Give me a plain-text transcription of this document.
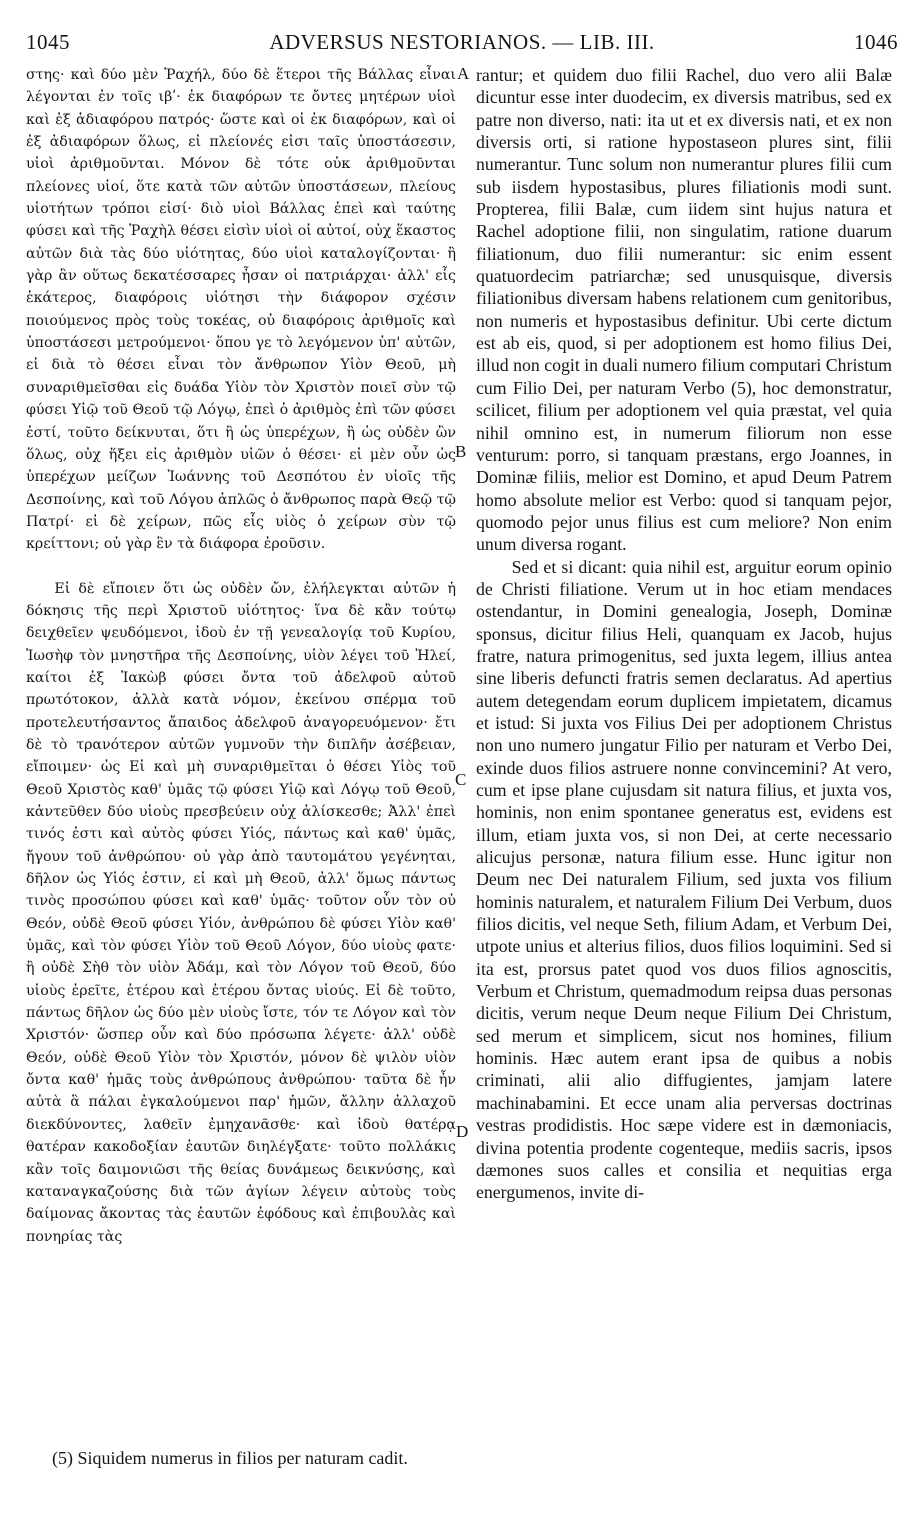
1045	ADVERSUS NESTORIANOS. — LIB. III.	1046

στης· καὶ δύο μὲν Ῥαχήλ, δύο δὲ ἕτεροι τῆς Βάλλας εἶναι λέγονται ἐν τοῖς ιβʹ· ἐκ διαφόρων τε ὄντες μητέρων υἱοὶ καὶ ἐξ ἀδιαφόρου πατρός· ὥστε καὶ οἱ ἐκ διαφόρων, καὶ οἱ ἐξ ἀδιαφόρων ὅλως, εἰ πλείονές εἰσι ταῖς ὑποστάσεσιν, υἱοὶ ἀριθμοῦνται. Μόνον δὲ τότε οὐκ ἀριθμοῦνται πλείονες υἱοί, ὅτε κατὰ τῶν αὐτῶν ὑποστάσεων, πλείους υἱοτήτων τρόποι εἰσί· διὸ υἱοὶ Βάλλας ἐπεὶ καὶ ταύτης φύσει καὶ τῆς Ῥαχὴλ θέσει εἰσὶν υἱοὶ οἱ αὐτοί, οὐχ ἕκαστος αὐτῶν διὰ τὰς δύο υἱότητας, δύο υἱοὶ καταλογίζονται· ἢ γὰρ ἂν οὕτως δεκατέσσαρες ἦσαν οἱ πατριάρχαι· ἀλλ' εἷς ἑκάτερος, διαφόροις υἱότησι τὴν διάφορον σχέσιν ποιούμενος πρὸς τοὺς τοκέας, οὐ διαφόροις ἀριθμοῖς καὶ ὑποστάσεσι μετρούμενοι· ὅπου γε τὸ λεγόμενον ὑπ' αὐτῶν, εἰ διὰ τὸ θέσει εἶναι τὸν ἄνθρωπον Υἱὸν Θεοῦ, μὴ συναριθμεῖσθαι εἰς δυάδα Υἱὸν τὸν Χριστὸν ποιεῖ σὺν τῷ φύσει Υἱῷ τοῦ Θεοῦ τῷ Λόγῳ, ἐπεὶ ὁ ἀριθμὸς ἐπὶ τῶν φύσει ἐστί, τοῦτο δείκνυται, ὅτι ἢ ὡς ὑπερέχων, ἢ ὡς οὐδὲν ὢν ὅλως, οὐχ ἥξει εἰς ἀριθμὸν υἱῶν ὁ θέσει· εἰ μὲν οὖν ὡς ὑπερέχων μείζων Ἰωάννης τοῦ Δεσπότου ἐν υἱοῖς τῆς Δεσποίνης, καὶ τοῦ Λόγου ἁπλῶς ὁ ἄνθρωπος παρὰ Θεῷ τῷ Πατρί· εἰ δὲ χείρων, πῶς εἷς υἱὸς ὁ χείρων σὺν τῷ κρείττονι; οὐ γὰρ ἓν τὰ διάφορα ἐροῦσιν.

Εἰ δὲ εἴποιεν ὅτι ὡς οὐδὲν ὤν, ἐλήλεγκται αὐτῶν ἡ δόκησις τῆς περὶ Χριστοῦ υἱότητος· ἵνα δὲ κἂν τούτῳ δειχθεῖεν ψευδόμενοι, ἰδοὺ ἐν τῇ γενεαλογίᾳ τοῦ Κυρίου, Ἰωσὴφ τὸν μνηστῆρα τῆς Δεσποίνης, υἱὸν λέγει τοῦ Ἠλεί, καίτοι ἐξ Ἰακὼβ φύσει ὄντα τοῦ ἀδελφοῦ αὐτοῦ πρωτότοκον, ἀλλὰ κατὰ νόμον, ἐκείνου σπέρμα τοῦ προτελευτήσαντος ἄπαιδος ἀδελφοῦ ἀναγορευόμενον· ἔτι δὲ τὸ τρανότερον αὐτῶν γυμνοῦν τὴν διπλῆν ἀσέβειαν, εἴποιμεν· ὡς Εἰ καὶ μὴ συναριθμεῖται ὁ θέσει Υἱὸς τοῦ Θεοῦ Χριστὸς καθ' ὑμᾶς τῷ φύσει Υἱῷ καὶ Λόγῳ τοῦ Θεοῦ, κἀντεῦθεν δύο υἱοὺς πρεσβεύειν οὐχ ἁλίσκεσθε; Ἀλλ' ἐπεὶ τινός ἐστι καὶ αὐτὸς φύσει Υἱός, πάντως καὶ καθ' ὑμᾶς, ἤγουν τοῦ ἀνθρώπου· οὐ γὰρ ἀπὸ ταυτομάτου γεγένηται, δῆλον ὡς Υἱός ἐστιν, εἰ καὶ μὴ Θεοῦ, ἀλλ' ὅμως πάντως τινὸς προσώπου φύσει καὶ καθ' ὑμᾶς· τοῦτον οὖν τὸν οὐ Θεόν, οὐδὲ Θεοῦ φύσει Υἱόν, ἀνθρώπου δὲ φύσει Υἱὸν καθ' ὑμᾶς, καὶ τὸν φύσει Υἱὸν τοῦ Θεοῦ Λόγον, δύο υἱοὺς φατε· ἢ οὐδὲ Σὴθ τὸν υἱὸν Ἀδάμ, καὶ τὸν Λόγον τοῦ Θεοῦ, δύο υἱοὺς ἐρεῖτε, ἑτέρου καὶ ἑτέρου ὄντας υἱούς. Εἰ δὲ τοῦτο, πάντως δῆλον ὡς δύο μὲν υἱοὺς ἴστε, τόν τε Λόγον καὶ τὸν Χριστόν· ὥσπερ οὖν καὶ δύο πρόσωπα λέγετε· ἀλλ' οὐδὲ Θεόν, οὐδὲ Θεοῦ Υἱὸν τὸν Χριστόν, μόνον δὲ ψιλὸν υἱὸν ὄντα καθ' ἡμᾶς τοὺς ἀνθρώπους ἀνθρώπου· ταῦτα δὲ ἦν αὐτὰ ἃ πάλαι ἐγκαλούμενοι παρ' ἡμῶν, ἄλλην ἀλλαχοῦ διεκδύνοντες, λαθεῖν ἐμηχανᾶσθε· καὶ ἰδοὺ θατέρᾳ θατέραν κακοδοξίαν ἑαυτῶν διηλέγξατε· τοῦτο πολλάκις κἂν τοῖς δαιμονιῶσι τῆς θείας δυνάμεως δεικνύσης, καὶ καταναγκαζούσης διὰ τῶν ἁγίων λέγειν αὐτοὺς τοὺς δαίμονας ἄκοντας τὰς ἑαυτῶν ἐφόδους καὶ ἐπιβουλὰς καὶ πονηρίας τὰς

A
B
C
D

rantur; et quidem duo filii Rachel, duo vero alii Balæ dicuntur esse inter duodecim, ex diversis matribus, sed ex patre non diverso, nati: ita ut et ex diversis nati, et ex non diversis orti, si ratione hypostaseon plures sint, filii numerantur. Tunc solum non numerantur plures filii cum sub iisdem hypostasibus, plures filiationis modi sunt. Propterea, filii Balæ, cum iidem sint hujus natura et Rachel adoptione filii, non singulatim, ratione duarum filiationum, duo filii numerantur: sic enim essent quatuordecim patriarchæ; sed unusquisque, diversis filiationibus diversam habens relationem cum genitoribus, non numeris et hypostasibus definitur. Ubi certe dictum est ab eis, quod, si per adoptionem est homo filius Dei, illud non cogit in duali numero filium computari Christum cum Filio Dei, per naturam Verbo (5), hoc demonstratur, scilicet, filium per adoptionem vel quia præstat, vel quia nihil omnino est, in numerum filiorum non esse venturum: porro, si tanquam præstans, ergo Joannes, in Dominæ filiis, melior est Domino, et apud Deum Patrem homo absolute melior est Verbo: quod si tanquam pejor, quomodo pejor unus filius est cum meliore? Non enim unum diversa rogant.

Sed et si dicant: quia nihil est, arguitur eorum opinio de Christi filiatione. Verum ut in hoc etiam mendaces ostendantur, in Domini genealogia, Joseph, Dominæ sponsus, dicitur filius Heli, quanquam ex Jacob, hujus fratre, natura primogenitus, sed juxta legem, illius antea sine liberis defuncti fratris semen declaratus. Ad apertius autem detegendam eorum duplicem impietatem, dicamus et istud: Si juxta vos Filius Dei per adoptionem Christus non uno numero jungatur Filio per naturam et Verbo Dei, exinde duos filios astruere nonne convincemini? At vero, cum et ipse plane cujusdam sit natura filius, et juxta vos, hominis, non enim spontanee generatus est, evidens est illum, etiam juxta vos, si non Dei, at certe necessario alicujus personæ, natura filium esse. Hunc igitur non Deum nec Dei naturalem Filium, sed juxta vos filium hominis naturalem, et naturalem Filium Dei Verbum, duos filios dicitis, vel neque Seth, filium Adam, et Verbum Dei, utpote unius et alterius filios, duos filios loquimini. Sed si ita est, prorsus patet quod vos duos filios agnoscitis, Verbum et Christum, quemadmodum reipsa duas personas dicitis, verum neque Deum neque Filium Dei Christum, sed merum et simplicem, sicut nos homines, filium hominis. Hæc autem erant ipsa de quibus a nobis criminati, alii alio diffugientes, jamjam latere machinabamini. Et ecce unam alia perversas doctrinas vestras prodidistis. Hoc sæpe videre est in dæmoniacis, divina potentia prodente cogenteque, mediis sacris, ipsos dæmones suos calles et consilia et nequitias erga energumenos, invite di-

(5) Siquidem numerus in filios per naturam cadit.
